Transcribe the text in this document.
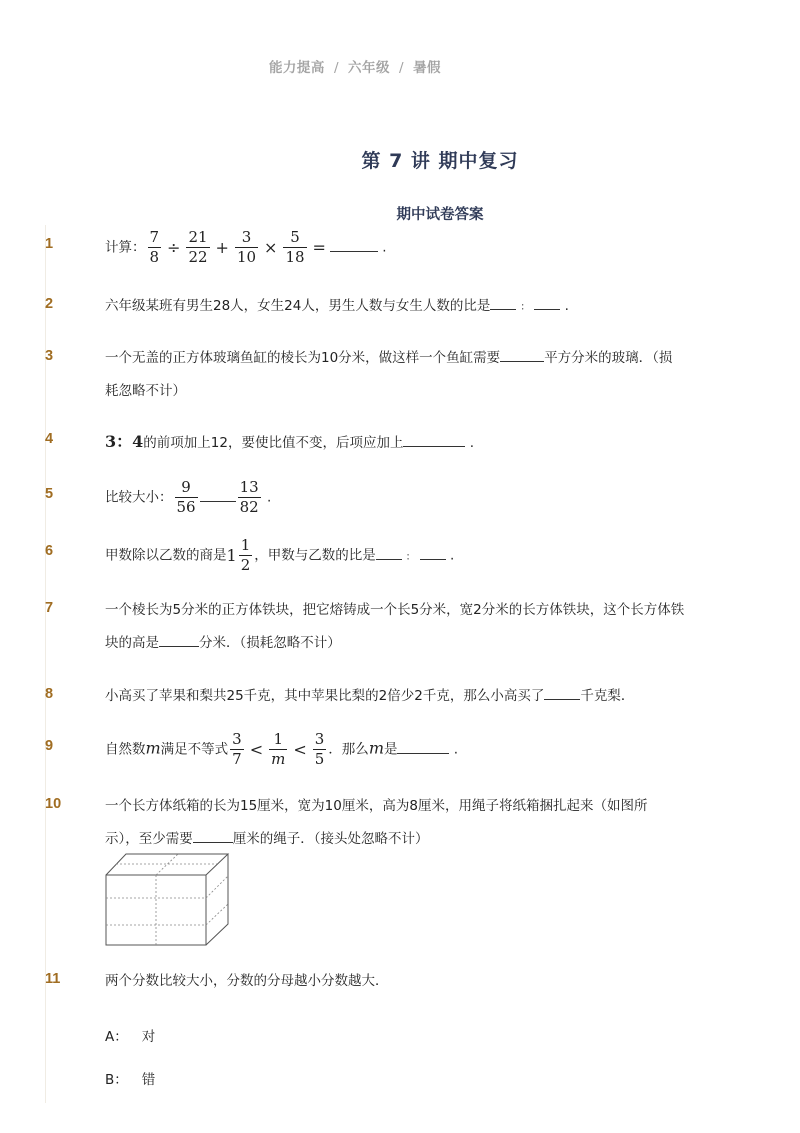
能力提高 / 六年级 / 暑假
第 7 讲 期中复习
期中试卷答案
1	计算： $\frac{7}{8} \div \frac{21}{22} + \frac{3}{10} \times \frac{5}{18}$ =	.
2	六年级某班有男生28人，女生24人，男生人数与女生人数的比是	：	.
3	一个无盖的正方体玻璃鱼缸的棱长为10分米，做这样一个鱼缸需要	平方分米的玻璃．（损
耗忽略不计）
4	3：4的前项加上12，要使比值不变，后项应加上	.
5	比较大小： $\frac{9}{56}$	$\frac{13}{82}$ .
6	甲数除以乙数的商是$1 \frac{1}{2}$ ，甲数与乙数的比是	：	.
7	一个棱长为5分米的正方体铁块，把它熔铸成一个长5分米，宽2分米的长方体铁块，这个长方体铁
块的高是	分米．（损耗忽略不计）
8	小高买了苹果和梨共25千克，其中苹果比梨的2倍少2千克，那么小高买了	千克梨．
9	自然数m满足不等式 $\frac{3}{7} < \frac{1}{m} < \frac{3}{5}$ ．那么m是	.
10	一个长方体纸箱的长为15厘米，宽为10厘米，高为8厘米，用绳子将纸箱捆扎起来（如图所
示），至少需要	厘米的绳子．（接头处忽略不计）
11	两个分数比较大小，分数的分母越小分数越大．
A： 对
B： 错
